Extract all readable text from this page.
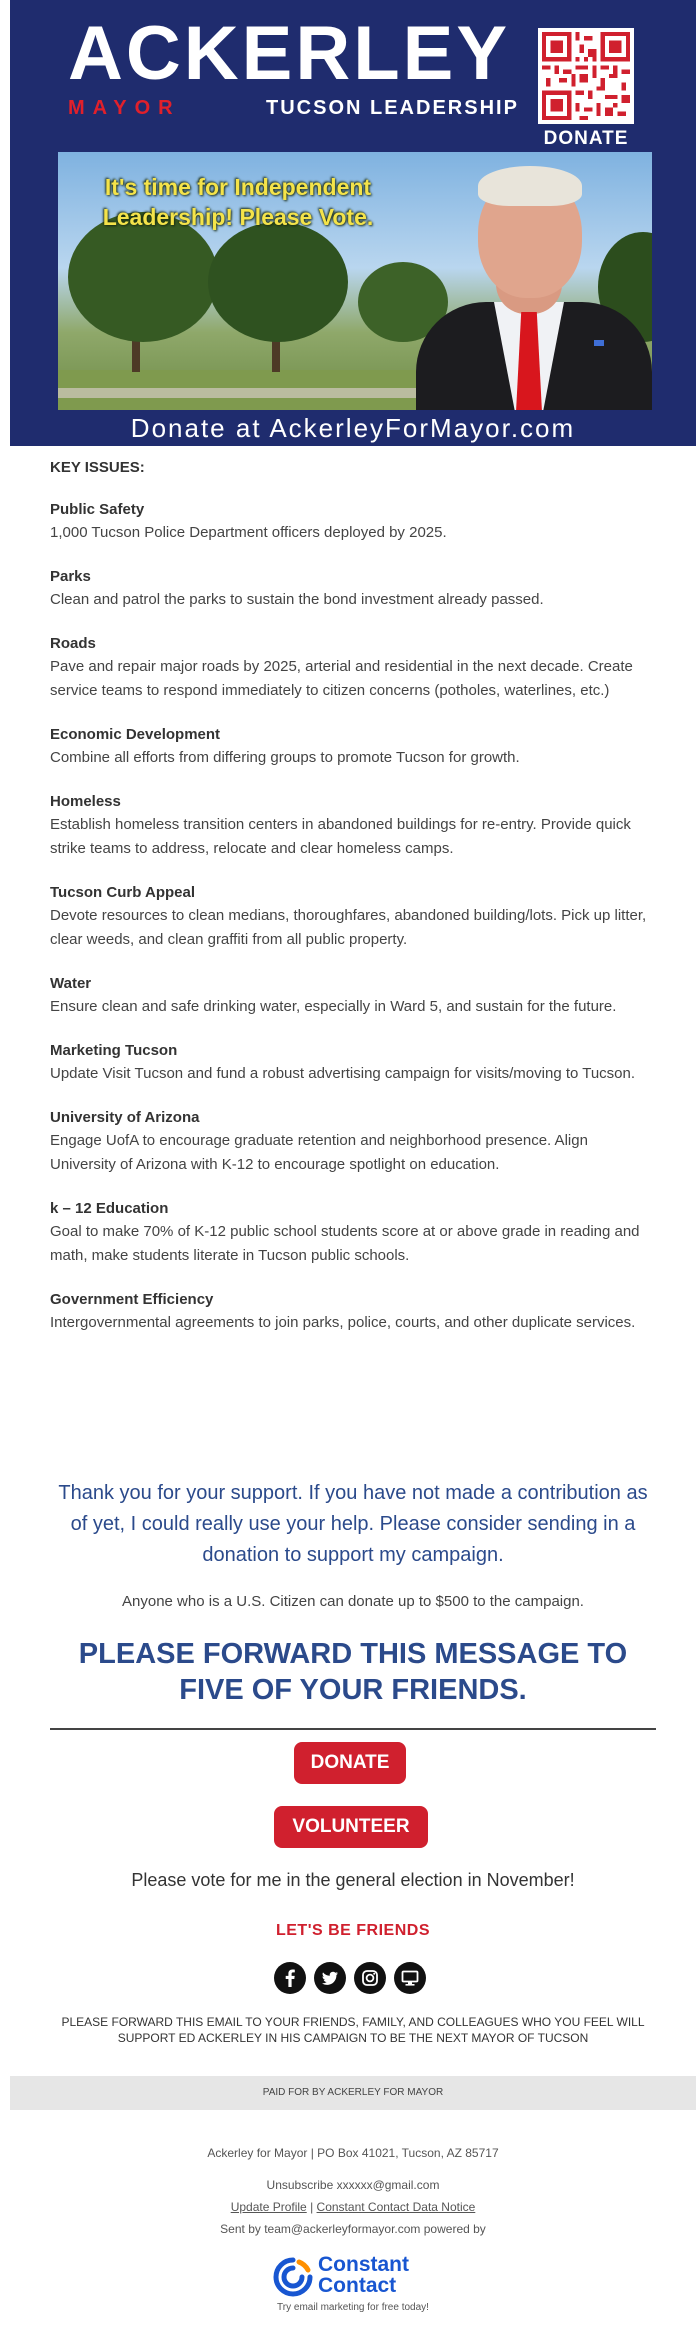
ACKERLEY
MAYOR	TUCSON LEADERSHIP
DONATE
It's time for Independent Leadership! Please Vote.
Donate at AckerleyForMayor.com
KEY ISSUES:
Public Safety
1,000 Tucson Police Department officers deployed by 2025.
Parks
Clean and patrol the parks to sustain the bond investment already passed.
Roads
Pave and repair major roads by 2025, arterial and residential in the next decade. Create service teams to respond immediately to citizen concerns (potholes, waterlines, etc.)
Economic Development
Combine all efforts from differing groups to promote Tucson for growth.
Homeless
Establish homeless transition centers in abandoned buildings for re-entry. Provide quick strike teams to address, relocate and clear homeless camps.
Tucson Curb Appeal
Devote resources to clean medians, thoroughfares, abandoned building/lots. Pick up litter, clear weeds, and clean graffiti from all public property.
Water
Ensure clean and safe drinking water, especially in Ward 5, and sustain for the future.
Marketing Tucson
Update Visit Tucson and fund a robust advertising campaign for visits/moving to Tucson.
University of Arizona
Engage UofA to encourage graduate retention and neighborhood presence. Align University of Arizona with K-12 to encourage spotlight on education.
k – 12 Education
Goal to make 70% of K-12 public school students score at or above grade in reading and math, make students literate in Tucson public schools.
Government Efficiency
Intergovernmental agreements to join parks, police, courts, and other duplicate services.
Thank you for your support. If you have not made a contribution as of yet, I could really use your help. Please consider sending in a donation to support my campaign.
Anyone who is a U.S. Citizen can donate up to $500 to the campaign.
PLEASE FORWARD THIS MESSAGE TO FIVE OF YOUR FRIENDS.
DONATE
VOLUNTEER
Please vote for me in the general election in November!
LET'S BE FRIENDS
PLEASE FORWARD THIS EMAIL TO YOUR FRIENDS, FAMILY, AND COLLEAGUES WHO YOU FEEL WILL SUPPORT ED ACKERLEY IN HIS CAMPAIGN TO BE THE NEXT MAYOR OF TUCSON
PAID FOR BY ACKERLEY FOR MAYOR
Ackerley for Mayor | PO Box 41021, Tucson, AZ 85717
Unsubscribe xxxxxx@gmail.com
Update Profile | Constant Contact Data Notice
Sent by team@ackerleyformayor.com powered by
Constant
Contact
Try email marketing for free today!
